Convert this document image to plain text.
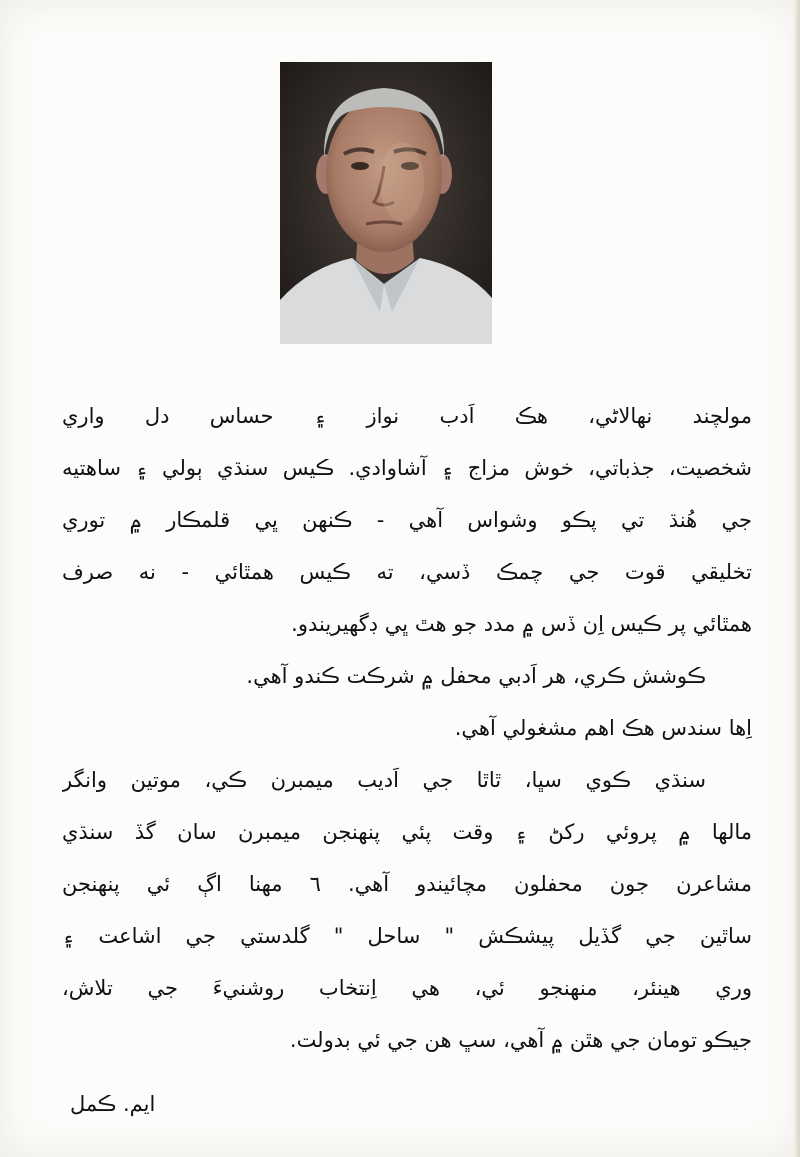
مولچند نهالاڻي، هڪ اَدب نواز ۽ حساس دل واري
شخصيت، جذباتي، خوش مزاج ۽ آشاوادي. ڪيس سنڌي ٻولي ۽ ساهتيه
جي هُنڌ تي پڪو وشواس آهي - ڪنهن ڀي قلمڪار ۾ توري
تخليقي قوت جي چمڪ ڏسي، ته ڪيس همٿائي - نه صرف
همٿائي پر ڪيس اِن ڏس ۾ مدد جو هٿ ڀي ڊگهيريندو.
ڪوشش ڪري، هر اَدبي محفل ۾ شرڪت ڪندو آهي.
اِها سندس هڪ اهم مشغولي آهي.
سنڌي ڪوي سڀا، ٿاٿا جي اَديب ميمبرن ڪي، موتين وانگر
مالها ۾ پروئي رکڻ ۽ وقت پئي پنهنجن ميمبرن سان گڏ سنڌي
مشاعرن جون محفلون مچائيندو آهي. ٦ مهنا اڳ ئي پنهنجن
ساٿين جي گڏيل پيشڪش " ساحل " گلدستي جي اشاعت ۽
وري هينئر، منهنجو ئي، هي اِنتخاب روشنيءَ جي تلاش،
جيڪو تومان جي هٿن ۾ آهي، سڀ هن جي ئي بدولت.
ايم. ڪمل
